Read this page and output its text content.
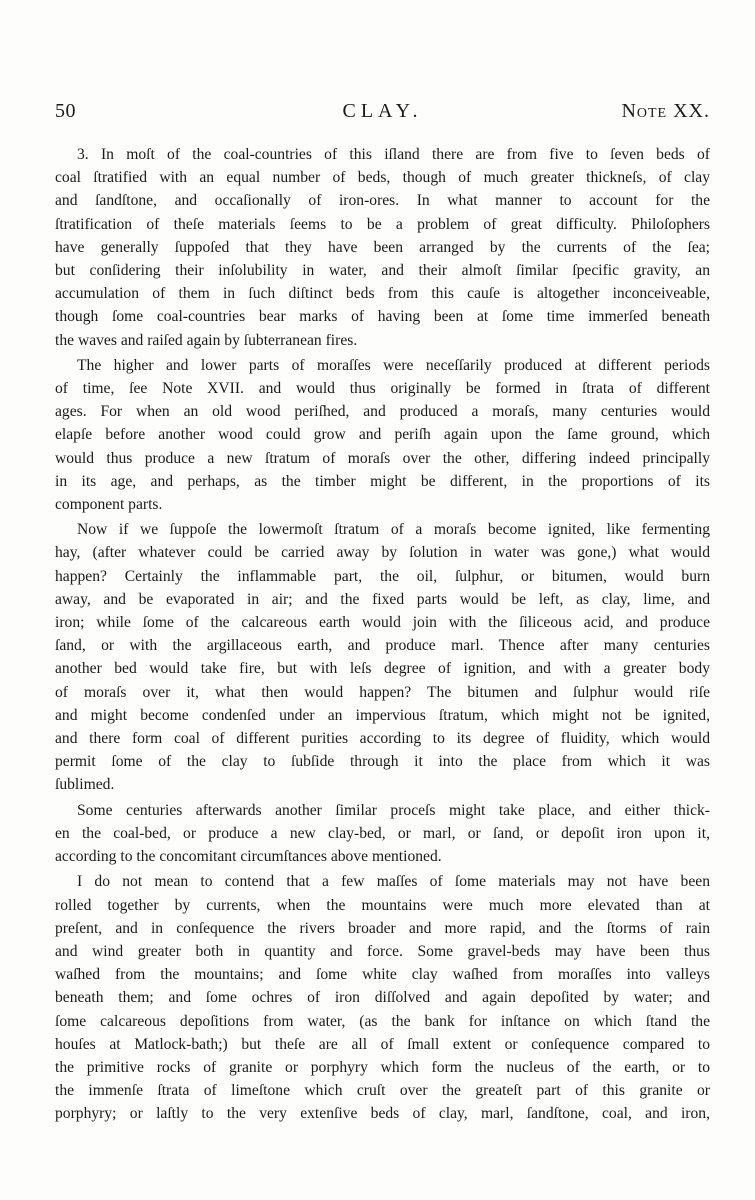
50	CLAY.	Note XX.
3. In moſt of the coal-countries of this iſland there are from five to ſeven beds of
coal ſtratified with an equal number of beds, though of much greater thickneſs, of clay
and ſandſtone, and occaſionally of iron-ores. In what manner to account for the
ſtratification of theſe materials ſeems to be a problem of great difficulty. Philoſophers
have generally ſuppoſed that they have been arranged by the currents of the ſea;
but conſidering their inſolubility in water, and their almoſt ſimilar ſpecific gravity, an
accumulation of them in ſuch diſtinct beds from this cauſe is altogether inconceiveable,
though ſome coal-countries bear marks of having been at ſome time immerſed beneath
the waves and raiſed again by ſubterranean fires.
The higher and lower parts of moraſſes were neceſſarily produced at different periods
of time, ſee Note XVII. and would thus originally be formed in ſtrata of different
ages. For when an old wood periſhed, and produced a moraſs, many centuries would
elapſe before another wood could grow and periſh again upon the ſame ground, which
would thus produce a new ſtratum of moraſs over the other, differing indeed principally
in its age, and perhaps, as the timber might be different, in the proportions of its
component parts.
Now if we ſuppoſe the lowermoſt ſtratum of a moraſs become ignited, like fermenting
hay, (after whatever could be carried away by ſolution in water was gone,) what would
happen? Certainly the inflammable part, the oil, ſulphur, or bitumen, would burn
away, and be evaporated in air; and the fixed parts would be left, as clay, lime, and
iron; while ſome of the calcareous earth would join with the ſiliceous acid, and produce
ſand, or with the argillaceous earth, and produce marl. Thence after many centuries
another bed would take fire, but with leſs degree of ignition, and with a greater body
of moraſs over it, what then would happen? The bitumen and ſulphur would riſe
and might become condenſed under an impervious ſtratum, which might not be ignited,
and there form coal of different purities according to its degree of fluidity, which would
permit ſome of the clay to ſubſide through it into the place from which it was
ſublimed.
Some centuries afterwards another ſimilar proceſs might take place, and either thick-
en the coal-bed, or produce a new clay-bed, or marl, or ſand, or depoſit iron upon it,
according to the concomitant circumſtances above mentioned.
I do not mean to contend that a few maſſes of ſome materials may not have been
rolled together by currents, when the mountains were much more elevated than at
preſent, and in conſequence the rivers broader and more rapid, and the ſtorms of rain
and wind greater both in quantity and force. Some gravel-beds may have been thus
waſhed from the mountains; and ſome white clay waſhed from moraſſes into valleys
beneath them; and ſome ochres of iron diſſolved and again depoſited by water; and
ſome calcareous depoſitions from water, (as the bank for inſtance on which ſtand the
houſes at Matlock-bath;) but theſe are all of ſmall extent or conſequence compared to
the primitive rocks of granite or porphyry which form the nucleus of the earth, or to
the immenſe ſtrata of limeſtone which cruſt over the greateſt part of this granite or
porphyry; or laſtly to the very extenſive beds of clay, marl, ſandſtone, coal, and iron,
